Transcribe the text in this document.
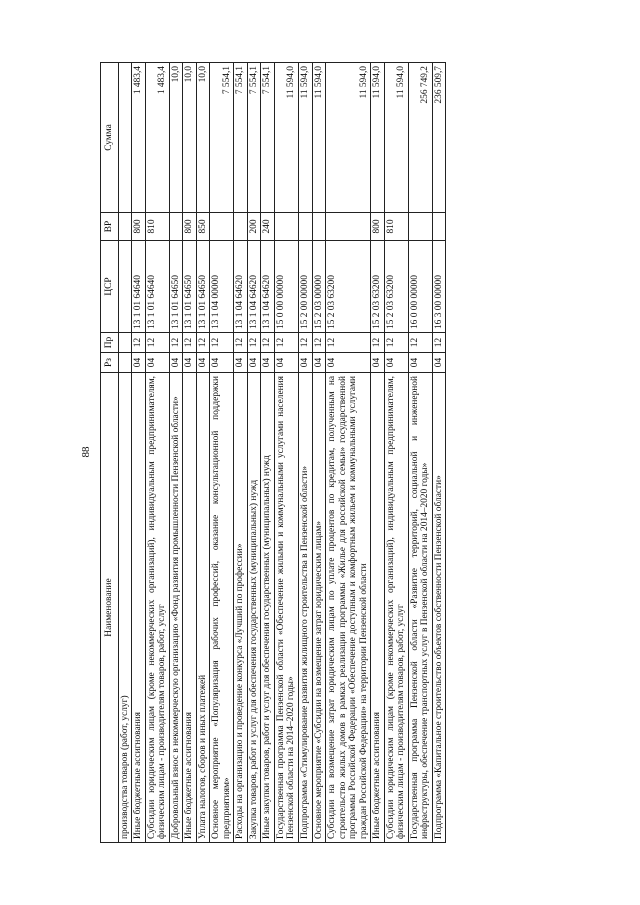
88
Наименование	Рз	Пр	ЦСР	ВР	Сумма
производства товаров (работ, услуг)					
Иные бюджетные ассигнования	04	12	13 1 01 64640	800	1 483,4
Субсидии юридическим лицам (кроме некоммерческих организаций), индивидуальным предпринимателям, физическим лицам - производителям товаров, работ, услуг	04	12	13 1 01 64640	810	1 483,4
Добровольный взнос в некоммерческую организацию «Фонд развития промышленности Пензенской области»	04	12	13 1 01 64650		10,0
Иные бюджетные ассигнования	04	12	13 1 01 64650	800	10,0
Уплата налогов, сборов и иных платежей	04	12	13 1 01 64650	850	10,0
Основное мероприятие «Популяризация рабочих профессий, оказание консультационной поддержки предприятиям»	04	12	13 1 04 00000		7 554,1
Расходы на организацию и проведение конкурса «Лучший по профессии»	04	12	13 1 04 64620		7 554,1
Закупка товаров, работ и услуг для обеспечения государственных (муниципальных) нужд	04	12	13 1 04 64620	200	7 554,1
Иные закупки товаров, работ и услуг для обеспечения государственных (муниципальных) нужд	04	12	13 1 04 64620	240	7 554,1
Государственная программа Пензенской области «Обеспечение жилыми и коммунальными услугами населения Пензенской области на 2014–2020 годы»	04	12	15 0 00 00000		11 594,0
Подпрограмма «Стимулирование развития жилищного строительства в Пензенской области»	04	12	15 2 00 00000		11 594,0
Основное мероприятие «Субсидии на возмещение затрат юридическим лицам»	04	12	15 2 03 00000		11 594,0
Субсидии на возмещение затрат юридическим лицам по уплате процентов по кредитам, полученным на строительство жилых домов в рамках реализации программы «Жилье для российской семьи» государственной программы Российской Федерации «Обеспечение доступным и комфортным жильем и коммунальными услугами граждан Российской Федерации» на территории Пензенской области	04	12	15 2 03 63200		11 594,0
Иные бюджетные ассигнования	04	12	15 2 03 63200	800	11 594,0
Субсидии юридическим лицам (кроме некоммерческих организаций), индивидуальным предпринимателям, физическим лицам - производителям товаров, работ, услуг	04	12	15 2 03 63200	810	11 594,0
Государственная программа Пензенской области «Развитие территорий, социальной и инженерной инфраструктуры, обеспечение транспортных услуг в Пензенской области на 2014–2020 годы»	04	12	16 0 00 00000		256 749,2
Подпрограмма «Капитальное строительство объектов собственности Пензенской области»	04	12	16 3 00 00000		236 509,7
